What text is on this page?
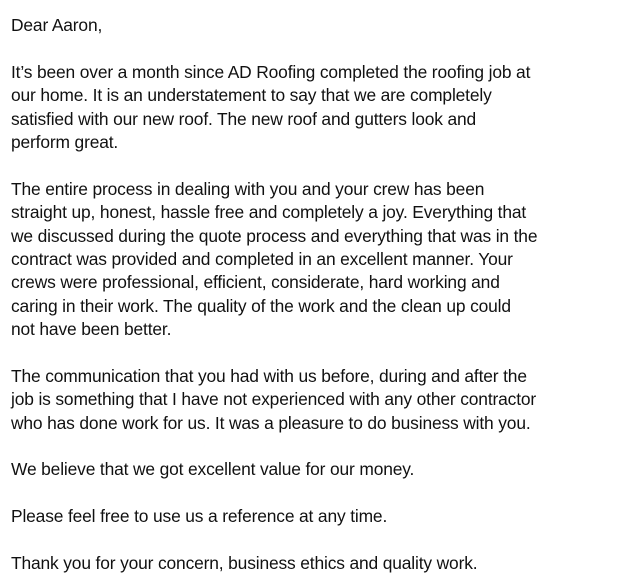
Dear Aaron,
It’s been over a month since AD Roofing completed the roofing job at
our home. It is an understatement to say that we are completely
satisfied with our new roof. The new roof and gutters look and
perform great.
The entire process in dealing with you and your crew has been
straight up, honest, hassle free and completely a joy. Everything that
we discussed during the quote process and everything that was in the
contract was provided and completed in an excellent manner. Your
crews were professional, efficient, considerate, hard working and
caring in their work. The quality of the work and the clean up could
not have been better.
The communication that you had with us before, during and after the
job is something that I have not experienced with any other contractor
who has done work for us. It was a pleasure to do business with you.
We believe that we got excellent value for our money.
Please feel free to use us a reference at any time.
Thank you for your concern, business ethics and quality work.
